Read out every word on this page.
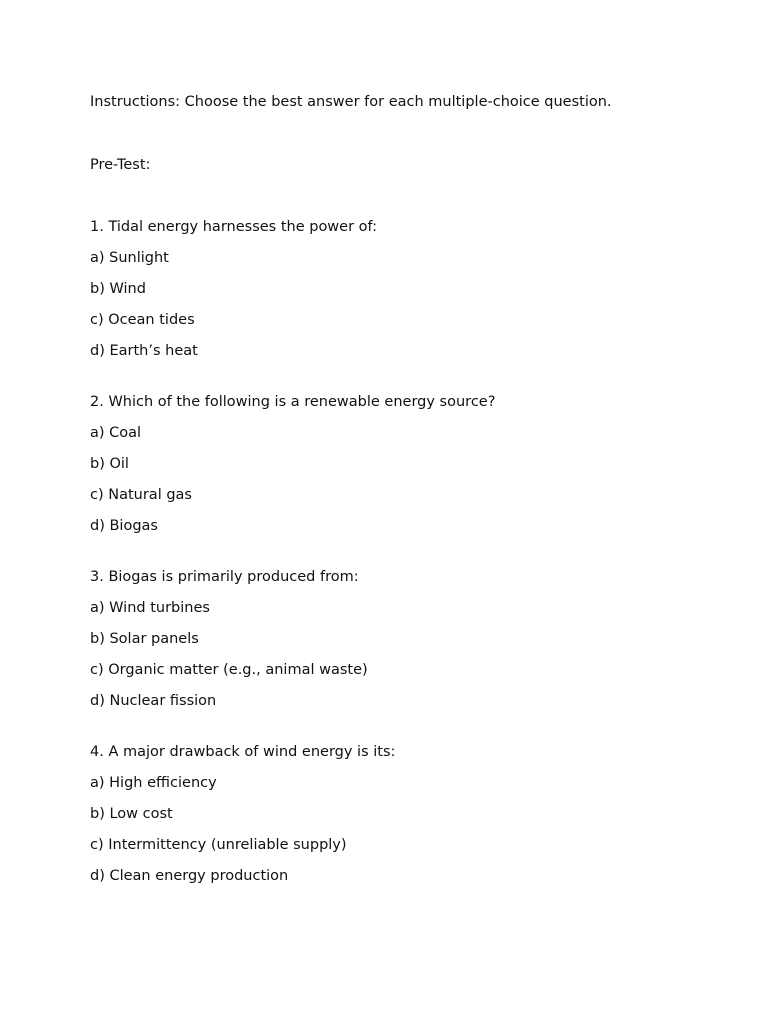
Instructions: Choose the best answer for each multiple-choice question.

Pre-Test:

1. Tidal energy harnesses the power of:

a) Sunlight

b) Wind

c) Ocean tides

d) Earth’s heat

2. Which of the following is a renewable energy source?

a) Coal

b) Oil

c) Natural gas

d) Biogas

3. Biogas is primarily produced from:

a) Wind turbines

b) Solar panels

c) Organic matter (e.g., animal waste)

d) Nuclear fission

4. A major drawback of wind energy is its:

a) High efficiency

b) Low cost

c) Intermittency (unreliable supply)

d) Clean energy production
